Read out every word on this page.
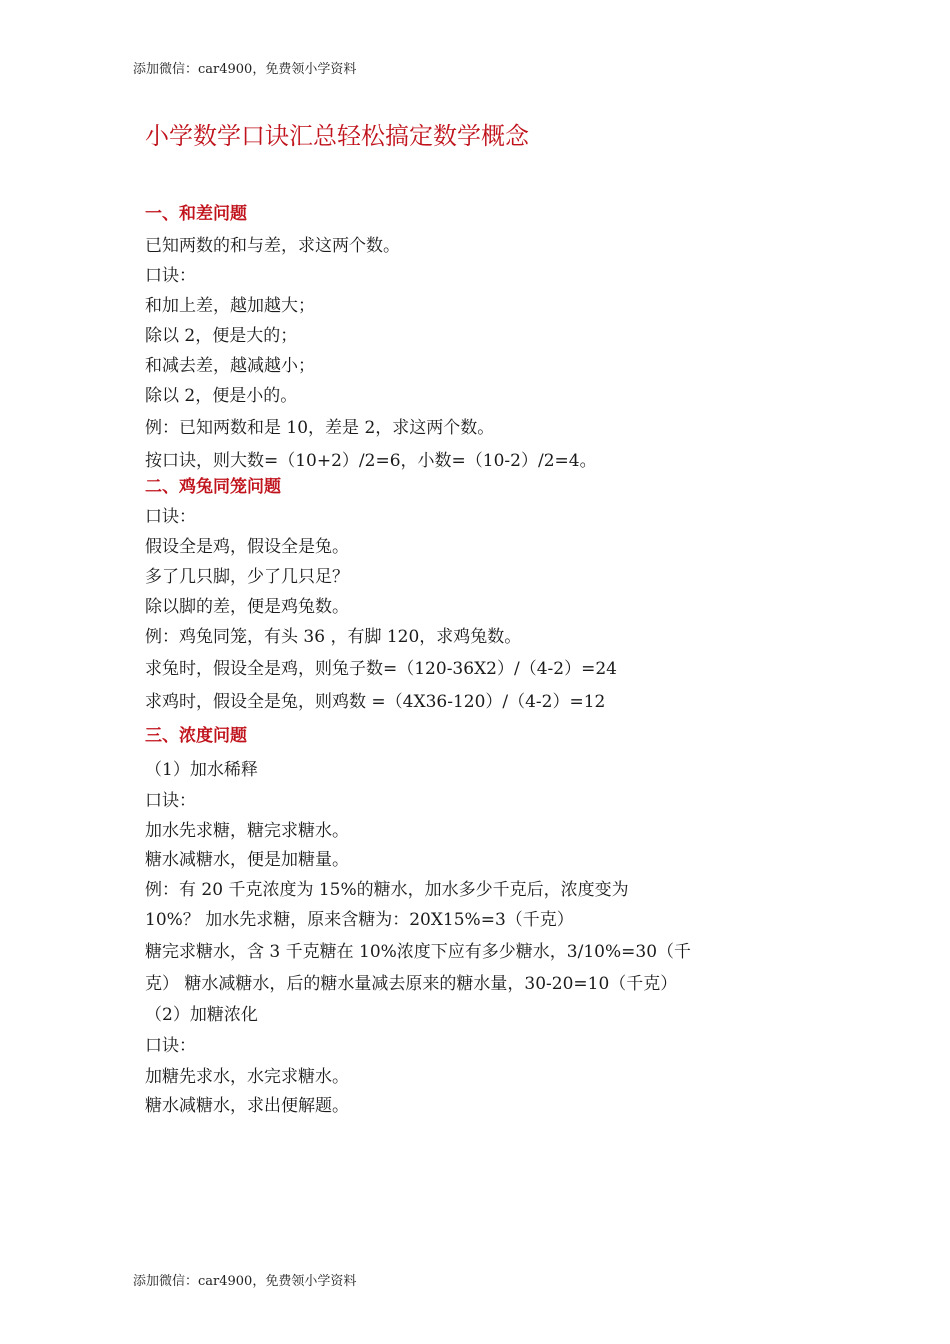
添加微信：car4900，免费领小学资料
小学数学口诀汇总轻松搞定数学概念
一、和差问题
已知两数的和与差，求这两个数。
口诀：
和加上差，越加越大；
除以 2，便是大的；
和减去差，越减越小；
除以 2，便是小的。
例：已知两数和是 10，差是 2，求这两个数。
按口诀，则大数=（10+2）/2=6，小数=（10-2）/2=4。
二、鸡兔同笼问题
口诀：
假设全是鸡，假设全是兔。
多了几只脚，少了几只足？
除以脚的差，便是鸡兔数。
例：鸡兔同笼，有头 36 ，有脚 120，求鸡兔数。
求兔时，假设全是鸡，则兔子数=（120-36X2）/（4-2）=24
求鸡时，假设全是兔，则鸡数 =（4X36-120）/（4-2）=12
三、浓度问题
（1）加水稀释
口诀：
加水先求糖，糖完求糖水。
糖水减糖水，便是加糖量。
例：有 20 千克浓度为 15%的糖水，加水多少千克后，浓度变为
10%？ 加水先求糖，原来含糖为：20X15%=3（千克）
糖完求糖水，含 3 千克糖在 10%浓度下应有多少糖水，3/10%=30（千
克） 糖水减糖水，后的糖水量减去原来的糖水量，30-20=10（千克）
（2）加糖浓化
口诀：
加糖先求水，水完求糖水。
糖水减糖水，求出便解题。
添加微信：car4900，免费领小学资料
